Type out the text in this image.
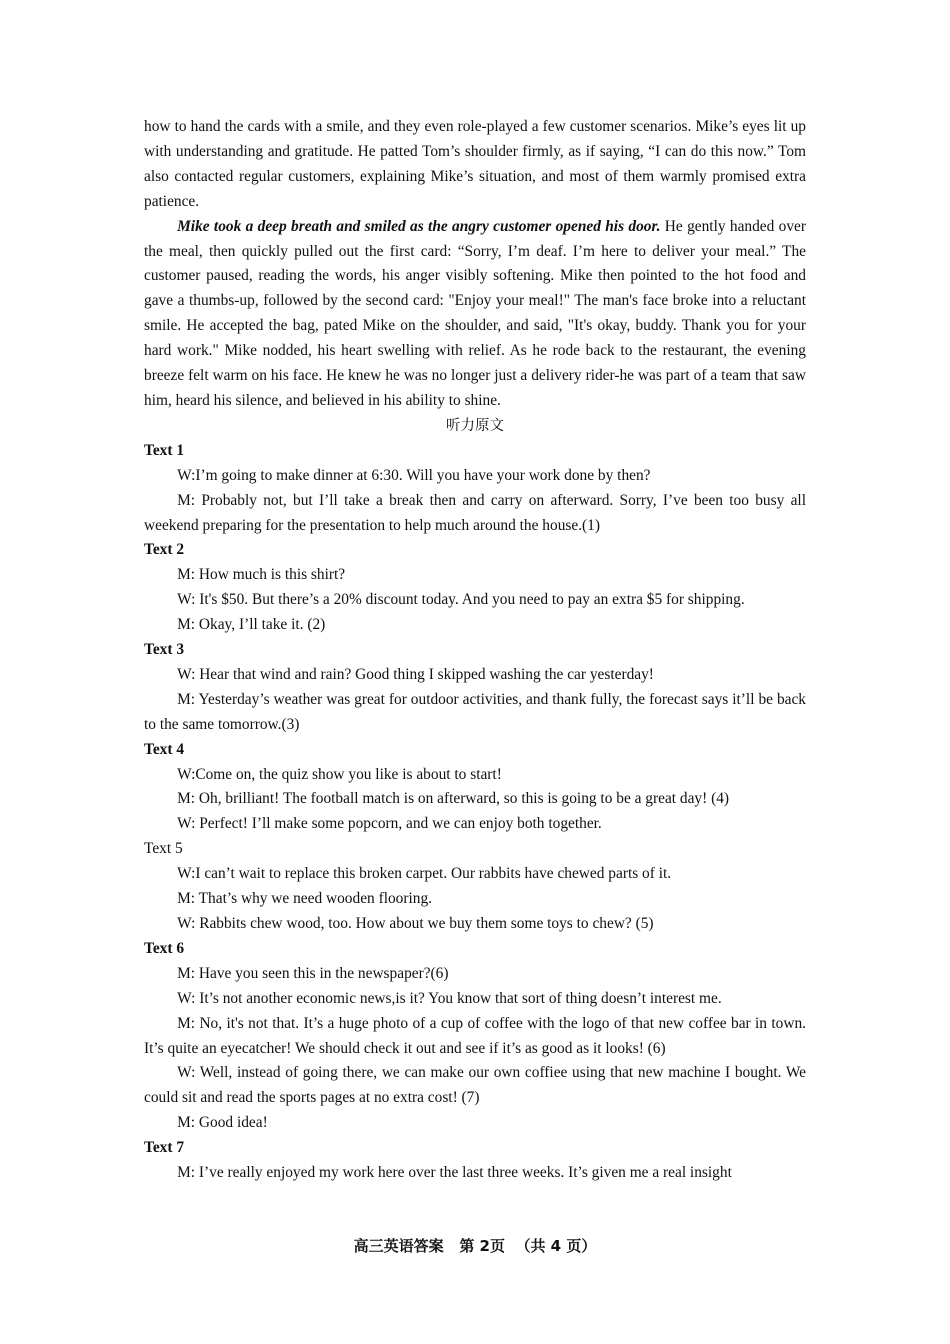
how to hand the cards with a smile, and they even role-played a few customer scenarios. Mike’s eyes lit up with understanding and gratitude. He patted Tom’s shoulder firmly, as if saying, “I can do this now.” Tom also contacted regular customers, explaining Mike’s situation, and most of them warmly promised extra patience.

Mike took a deep breath and smiled as the angry customer opened his door. He gently handed over the meal, then quickly pulled out the first card: “Sorry, I’m deaf. I’m here to deliver your meal.” The customer paused, reading the words, his anger visibly softening. Mike then pointed to the hot food and gave a thumbs-up, followed by the second card: "Enjoy your meal!" The man's face broke into a reluctant smile. He accepted the bag, pated Mike on the shoulder, and said, "It's okay, buddy. Thank you for your hard work." Mike nodded, his heart swelling with relief. As he rode back to the restaurant, the evening breeze felt warm on his face. He knew he was no longer just a delivery rider-he was part of a team that saw him, heard his silence, and believed in his ability to shine.

听力原文

Text 1

W:I’m going to make dinner at 6:30. Will you have your work done by then?

M: Probably not, but I’ll take a break then and carry on afterward. Sorry, I’ve been too busy all weekend preparing for the presentation to help much around the house.(1)

Text 2

M: How much is this shirt?

W: It's $50. But there’s a 20% discount today. And you need to pay an extra $5 for shipping.

M: Okay, I’ll take it. (2)

Text 3

W: Hear that wind and rain? Good thing I skipped washing the car yesterday!

M: Yesterday’s weather was great for outdoor activities, and thank fully, the forecast says it’ll be back to the same tomorrow.(3)

Text 4

W:Come on, the quiz show you like is about to start!

M: Oh, brilliant! The football match is on afterward, so this is going to be a great day! (4)

W: Perfect! I’ll make some popcorn, and we can enjoy both together.

Text 5

W:I can’t wait to replace this broken carpet. Our rabbits have chewed parts of it.

M: That’s why we need wooden flooring.

W: Rabbits chew wood, too. How about we buy them some toys to chew? (5)

Text 6

M: Have you seen this in the newspaper?(6)

W: It’s not another economic news,is it? You know that sort of thing doesn’t interest me.

M: No, it's not that. It’s a huge photo of a cup of coffee with the logo of that new coffee bar in town. It’s quite an eyecatcher! We should check it out and see if it’s as good as it looks! (6)

W: Well, instead of going there, we can make our own coffiee using that new machine I bought. We could sit and read the sports pages at no extra cost! (7)

M: Good idea!

Text 7

M: I’ve really enjoyed my work here over the last three weeks. It’s given me a real insight

高三英语答案   第 2页  （共 4 页）
